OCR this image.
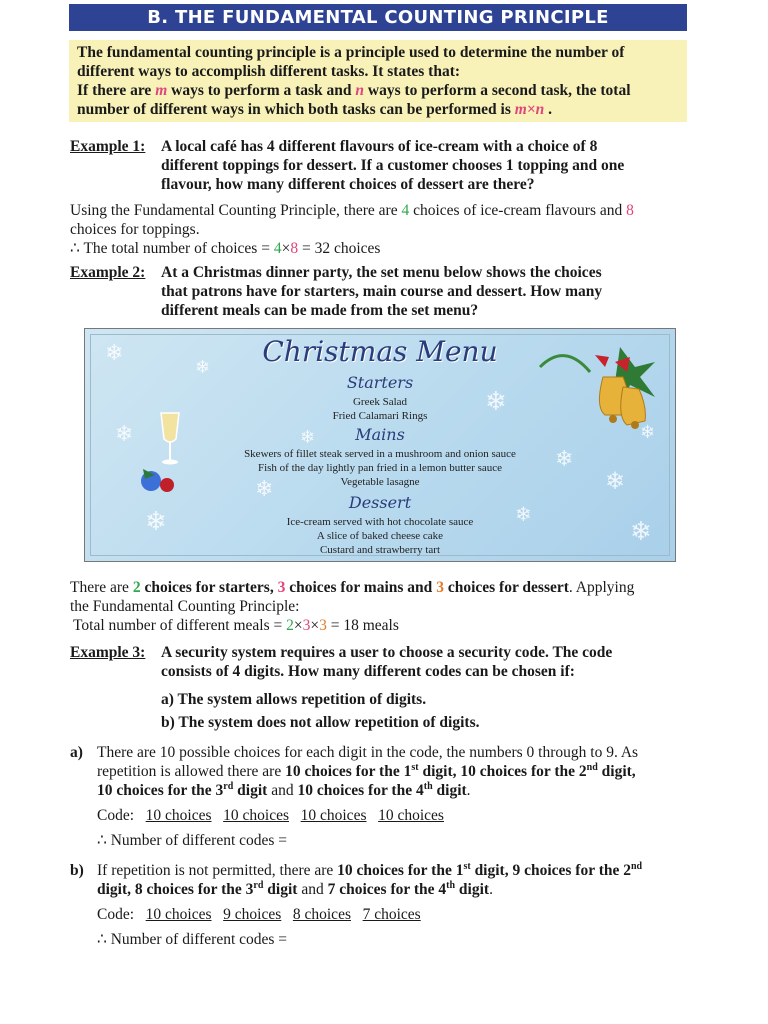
B. THE FUNDAMENTAL COUNTING PRINCIPLE
The fundamental counting principle is a principle used to determine the number of
different ways to accomplish different tasks. It states that:
If there are m ways to perform a task and n ways to perform a second task, the total
number of different ways in which both tasks can be performed is m×n .
Example 1: A local café has 4 different flavours of ice-cream with a choice of 8
different toppings for dessert. If a customer chooses 1 topping and one
flavour, how many different choices of dessert are there?
Using the Fundamental Counting Principle, there are 4 choices of ice-cream flavours and 8
choices for toppings.
∴ The total number of choices = 4×8 = 32 choices
Example 2: At a Christmas dinner party, the set menu below shows the choices
that patrons have for starters, main course and dessert. How many
different meals can be made from the set menu?
❄
❄
❄
❄
❄
❄
❄
❄
❄
❄
❄
❄
Christmas Menu
Starters
Greek Salad
Fried Calamari Rings
Mains
Skewers of fillet steak served in a mushroom and onion sauce
Fish of the day lightly pan fried in a lemon butter sauce
Vegetable lasagne
Dessert
Ice-cream served with hot chocolate sauce
A slice of baked cheese cake
Custard and strawberry tart
There are 2 choices for starters, 3 choices for mains and 3 choices for dessert. Applying
the Fundamental Counting Principle:
Total number of different meals = 2×3×3 = 18 meals
Example 3: A security system requires a user to choose a security code. The code
consists of 4 digits. How many different codes can be chosen if:
a) The system allows repetition of digits.
b) The system does not allow repetition of digits.
a) There are 10 possible choices for each digit in the code, the numbers 0 through to 9. As
repetition is allowed there are 10 choices for the 1st digit, 10 choices for the 2nd digit,
10 choices for the 3rd digit and 10 choices for the 4th digit.
Code: 10 choices 10 choices 10 choices 10 choices
∴ Number of different codes =
b) If repetition is not permitted, there are 10 choices for the 1st digit, 9 choices for the 2nd
digit, 8 choices for the 3rd digit and 7 choices for the 4th digit.
Code: 10 choices 9 choices 8 choices 7 choices
∴ Number of different codes =
